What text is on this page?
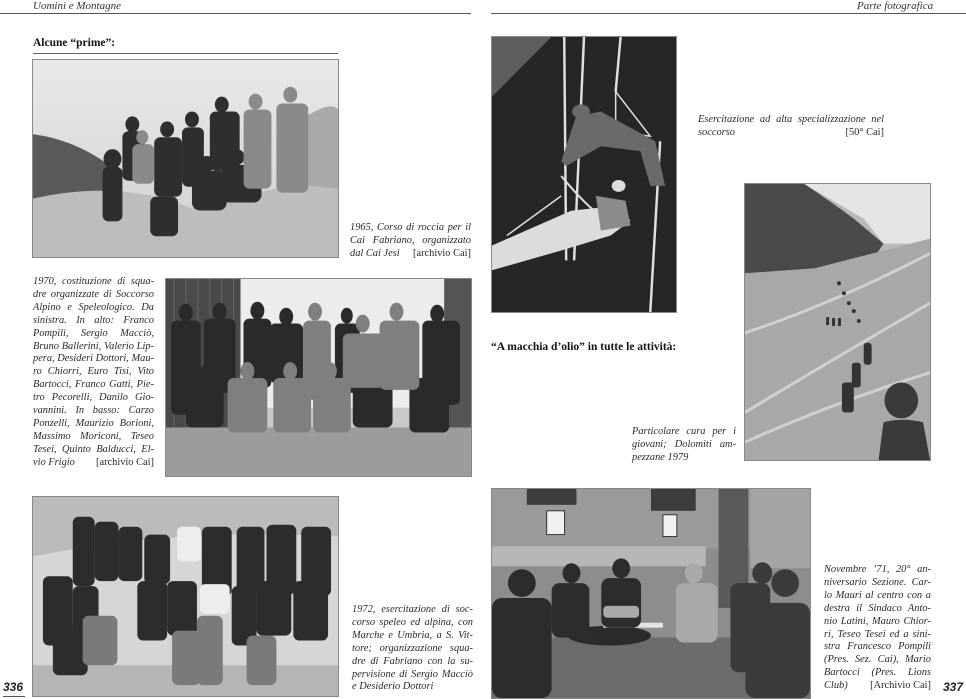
Uomini e Montagne
Alcune “prime”:
1965, Corso di roccia per il
Cai Fabriano, organizzato
dal Cai Jesi [archivio Cai]
1970, costituzione di squa-
dre organizzate di Soccorso
Alpino e Speleologico. Da
sinistra. In alto: Franco
Pompili, Sergio Macciò,
Bruno Ballerini, Valerio Lip-
pera, Desideri Dottori, Mau-
ro Chiorri, Euro Tisi, Vito
Bartocci, Franco Gatti, Pie-
tro Pecorelli, Danilo Gio-
vannini. In basso: Carzo
Ponzelli, Maurizio Borioni,
Massimo Moriconi, Teseo
Tesei, Quinto Balducci, El-
vio Frigio [archivio Cai]
1972, esercitazione di soc-
corso speleo ed alpina, con
Marche e Umbria, a S. Vit-
tore; organizzazione squa-
dre di Fabriano con la su-
pervisione di Sergio Macciò
e Desiderio Dottori
336
Parte fotografica
Esercitazione ad alta specializzazione nel
soccorso	[50° Cai]
“A macchia d’olio” in tutte le attività:
Particolare cura per i
giovani; Dolomiti am-
pezzane 1979
Novembre ’71, 20° an-
niversario Sezione. Car-
lo Mauri al centro con a
destra il Sindaco Anto-
nio Latini, Mauro Chior-
ri, Teseo Tesei ed a sini-
stra Francesco Pompili
(Pres. Sez. Cai), Mario
Bartocci (Pres. Lions
Club) [Archivio Cai] 337
